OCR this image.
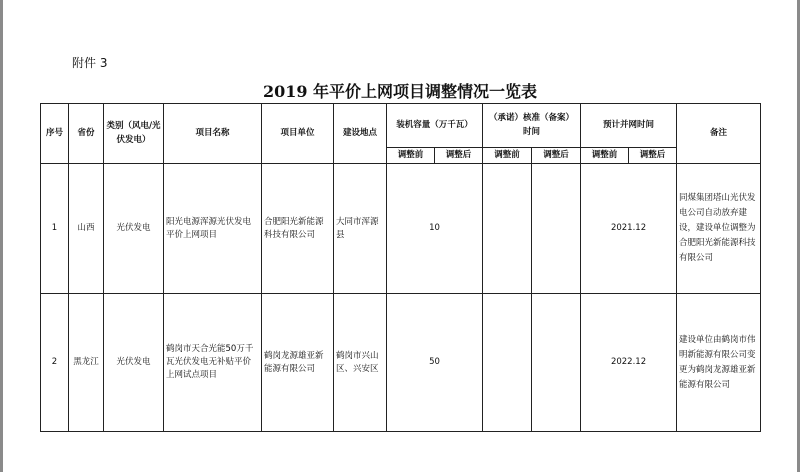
附件 3
2019 年平价上网项目调整情况一览表
序号	省份	类别（风电/光伏发电）	项目名称	项目单位	建设地点	装机容量（万千瓦）		（承诺）核准（备案）时间		预计并网时间		备注
						调整前	调整后	调整前	调整后	调整前	调整后	
1	山西	光伏发电	阳光电源浑源光伏发电平价上网项目	合肥阳光新能源科技有限公司	大同市浑源县	10				2021.12		同煤集团塔山光伏发电公司自动放弃建设，建设单位调整为合肥阳光新能源科技有限公司
2	黑龙江	光伏发电	鹤岗市天合光能50万千瓦光伏发电无补贴平价上网试点项目	鹤岗龙源雄亚新能源有限公司	鹤岗市兴山区、兴安区	50				2022.12		建设单位由鹤岗市伟明新能源有限公司变更为鹤岗龙源雄亚新能源有限公司
